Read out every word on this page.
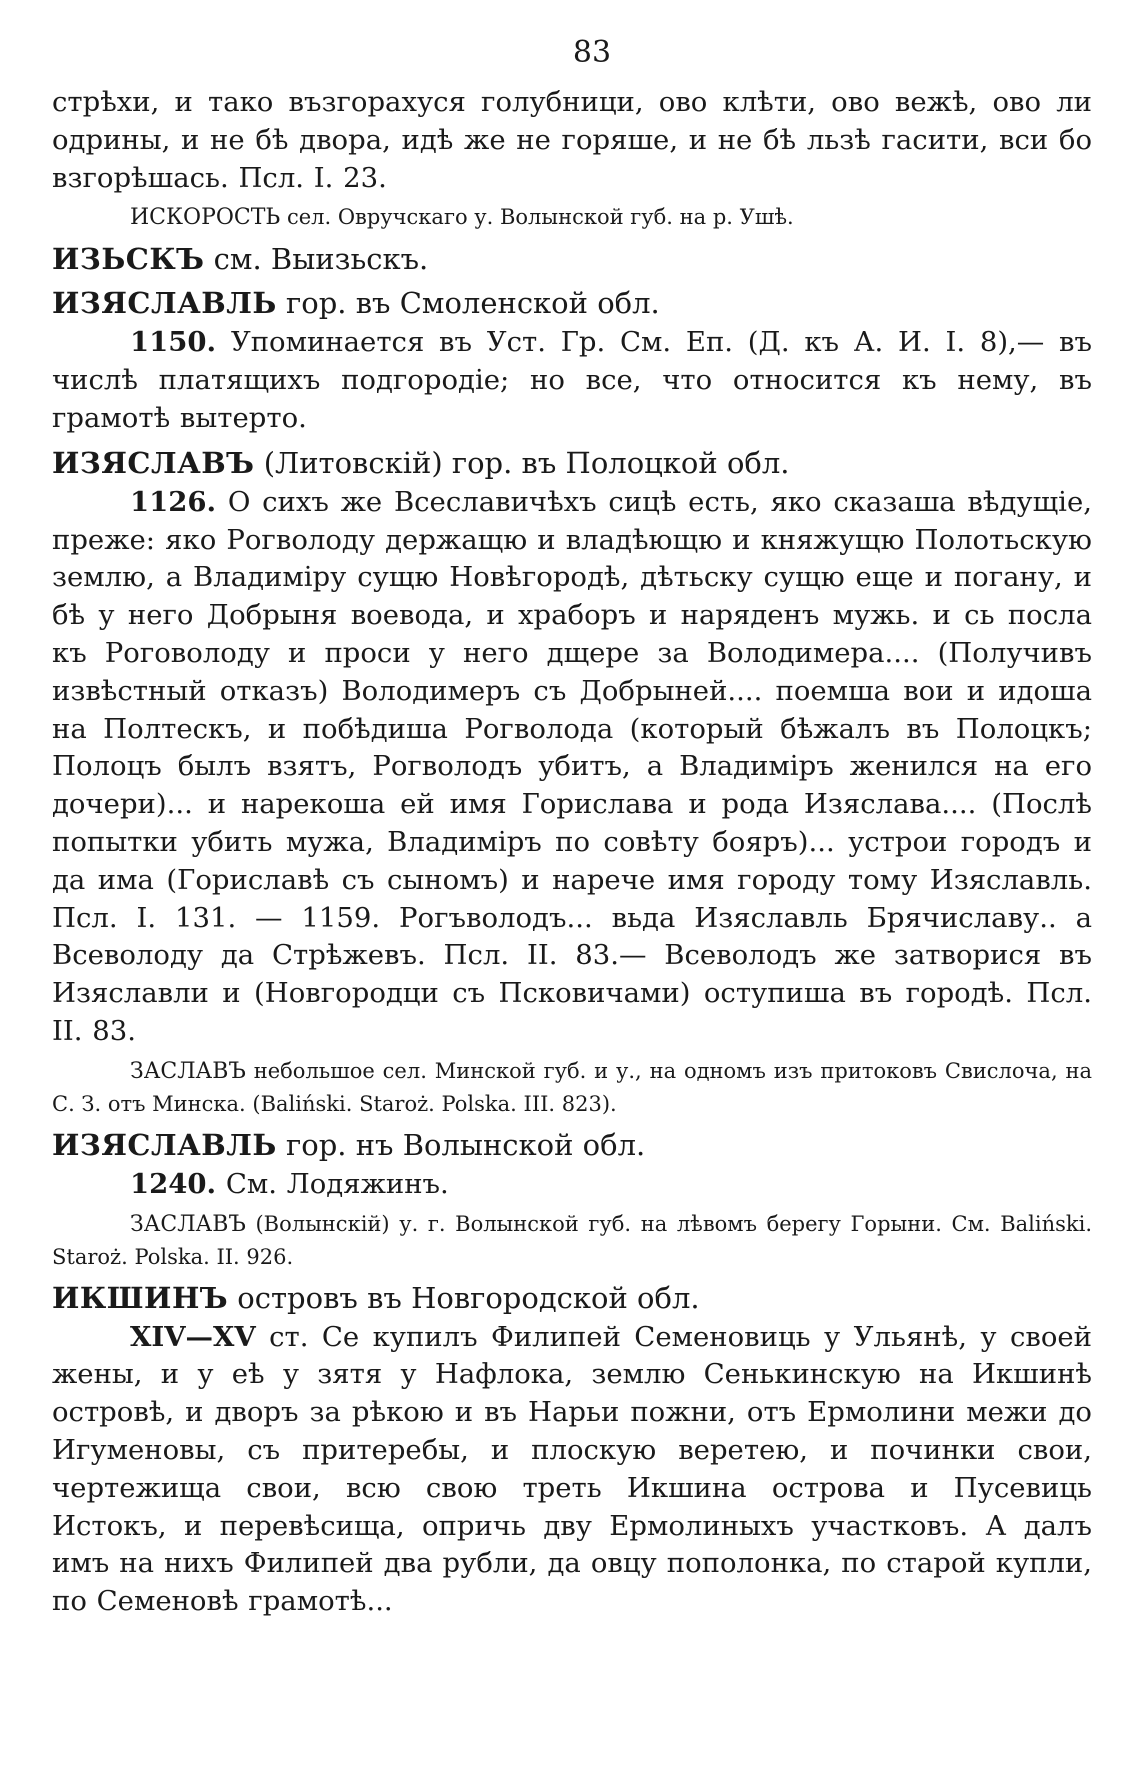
83
стрѣхи, и тако възгорахуся голубници, ово клѣти, ово вежѣ, ово ли одрины, и не бѣ двора, идѣ же не горяше, и не бѣ льзѣ гасити, вси бо взгорѣшась. Псл. I. 23.
ИСКОРОСТЬ сел. Овручскаго у. Волынской губ. на р. Ушѣ.
ИЗЬСКЪ см. Выизьскъ.
ИЗЯСЛАВЛЬ гор. въ Смоленской обл.
1150. Упоминается въ Уст. Гр. См. Еп. (Д. къ А. И. I. 8),— въ числѣ платящихъ подгородіе; но все, что относится къ нему, въ грамотѣ вытерто.
ИЗЯСЛАВЪ (Литовскій) гор. въ Полоцкой обл.
1126. О сихъ же Всеславичѣхъ сицѣ есть, яко сказаша вѣдущіе, преже: яко Рогволоду держащю и владѣющю и княжущю Полотьскую землю, а Владиміру сущю Новѣгородѣ, дѣтьску сущю еще и погану, и бѣ у него Добрыня воевода, и храборъ и наряденъ мужь. и сь посла къ Роговолоду и проси у него дщере за Володимера.... (Получивъ извѣстный отказъ) Володимеръ съ Добрыней.... поемша вои и идоша на Полтескъ, и побѣдиша Рогволода (который бѣжалъ въ Полоцкъ; Полоцъ былъ взятъ, Рогволодъ убитъ, а Владиміръ женился на его дочери)... и нарекоша ей имя Горислава и рода Изяслава.... (Послѣ попытки убить мужа, Владиміръ по совѣту бояръ)... устрои городъ и да има (Гориславѣ съ сыномъ) и нарече имя городу тому Изяславль. Псл. I. 131. — 1159. Рогъволодъ... вьда Изяславль Брячиславу.. а Всеволоду да Стрѣжевъ. Псл. II. 83.— Всеволодъ же затворися въ Изяславли и (Новгородци съ Псковичами) оступиша въ городѣ. Псл. II. 83.
ЗАСЛАВЪ небольшое сел. Минской губ. и у., на одномъ изъ притоковъ Свислоча, на С. З. отъ Минска. (Baliński. Staroż. Polska. III. 823).
ИЗЯСЛАВЛЬ гор. нъ Волынской обл.
1240. См. Лодяжинъ.
ЗАСЛАВЪ (Волынскій) у. г. Волынской губ. на лѣвомъ берегу Горыни. См. Baliński. Staroż. Polska. II. 926.
ИКШИНЪ островъ въ Новгородской обл.
XIV—XV ст. Се купилъ Филипей Семеновиць у Ульянѣ, у своей жены, и у еѣ у зятя у Нафлока, землю Сенькинскую на Икшинѣ островѣ, и дворъ за рѣкою и въ Нарьи пожни, отъ Ермолини межи до Игуменовы, съ притеребы, и плоскую веретею, и починки свои, чертежища свои, всю свою треть Икшина острова и Пусевиць Истокъ, и перевѣсища, опричь дву Ермолиныхъ участковъ. А далъ имъ на нихъ Филипей два рубли, да овцу пополонка, по старой купли, по Семеновѣ грамотѣ...
